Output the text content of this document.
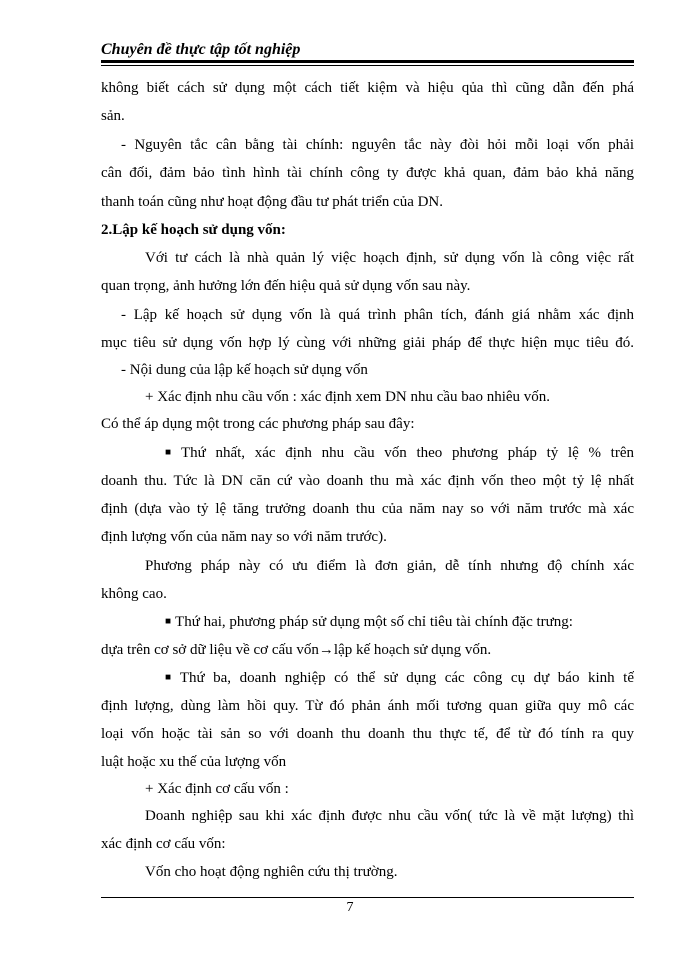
Chuyên đề thực tập tốt nghiệp
không biết cách sử dụng một cách tiết kiệm và hiệu qủa thì cũng dẫn đến phá
sản.
- Nguyên tắc cân bằng tài chính: nguyên tắc này đòi hỏi mỗi loại vốn phải
cân đối, đảm bảo tình hình tài chính công ty được khả quan, đảm bảo khả năng
thanh toán cũng như hoạt động đầu tư phát triển của DN.
2.Lập kế hoạch sử dụng vốn:
Với tư cách là nhà quản lý việc hoạch định, sử dụng vốn là công việc rất
quan trọng, ảnh hưởng lớn đến hiệu quả sử dụng vốn sau này.
- Lập kế hoạch sử dụng vốn là quá trình phân tích, đánh giá nhằm xác định
mục tiêu sử dụng vốn hợp lý cùng với những giải pháp để thực hiện mục tiêu đó.
- Nội dung của lập kế hoạch sử dụng vốn
+ Xác định nhu cầu vốn : xác định xem DN nhu cầu bao nhiêu vốn.
Có thể áp dụng một trong các phương pháp sau đây:
■ Thứ nhất, xác định nhu cầu vốn theo phương pháp tỷ lệ % trên
doanh thu. Tức là DN căn cứ vào doanh thu mà xác định vốn theo một tỷ lệ nhất
định (dựa vào tỷ lệ tăng trưởng doanh thu của năm nay so với năm trước mà xác
định lượng vốn của năm nay so với năm trước).
Phương pháp này có ưu điểm là đơn giản, dễ tính nhưng độ chính xác
không cao.
■ Thứ hai, phương pháp sử dụng một số chỉ tiêu tài chính đặc trưng:
dựa trên cơ sở dữ liệu về cơ cấu vốn→lập kế hoạch sử dụng vốn.
■ Thứ ba, doanh nghiệp có thể sử dụng các công cụ dự báo kinh tế
định lượng, dùng làm hồi quy. Từ đó phản ánh mối tương quan giữa quy mô các
loại vốn hoặc tài sản so với doanh thu doanh thu thực tế, để từ đó tính ra quy
luật hoặc xu thế của lượng vốn
+ Xác định cơ cấu vốn :
Doanh nghiệp sau khi xác định được nhu cầu vốn( tức là về mặt lượng) thì
xác định cơ cấu vốn:
Vốn cho hoạt động nghiên cứu thị trường.
7
